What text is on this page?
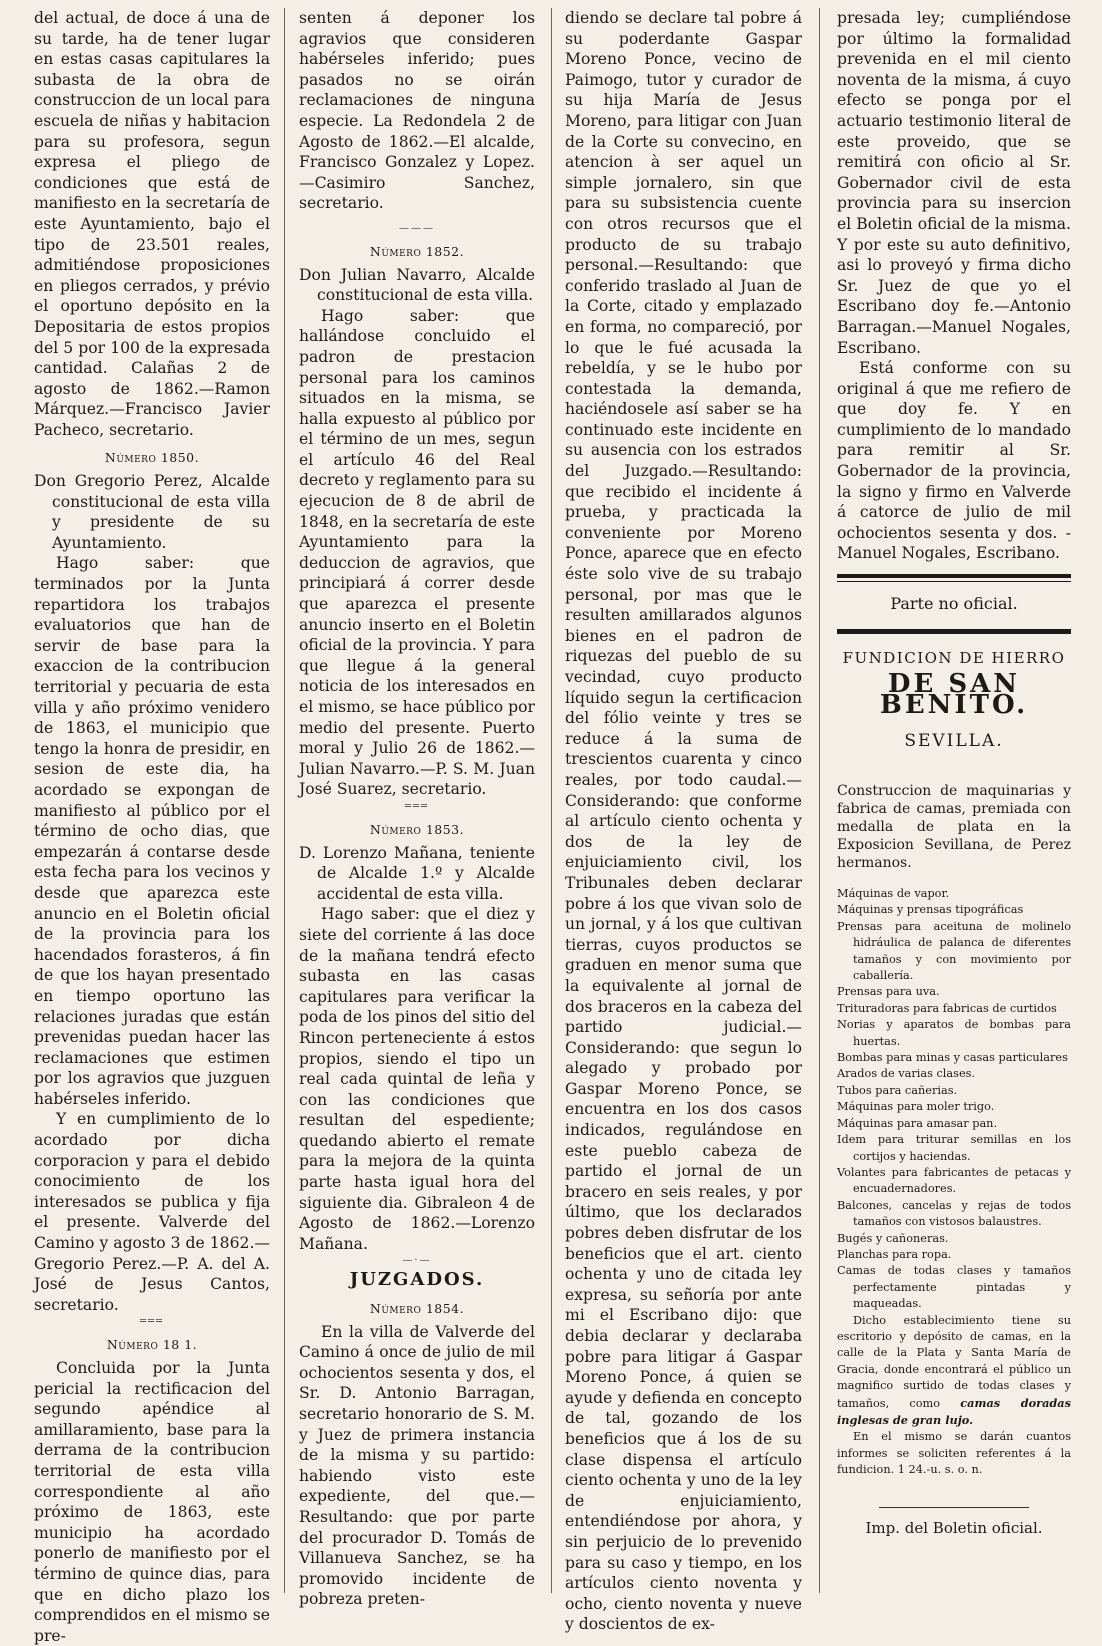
del actual, de doce á una de su tarde, ha de tener lugar en estas casas capitulares la subasta de la obra de construccion de un local para escuela de niñas y habitacion para su profesora, segun expresa el pliego de condiciones que está de manifiesto en la secretaría de este Ayuntamiento, bajo el tipo de 23.501 reales, admitiéndose proposiciones en pliegos cerrados, y prévio el oportuno depósito en la Depositaria de estos propios del 5 por 100 de la expresada cantidad. Calañas 2 de agosto de 1862.—Ramon Márquez.—Francisco Javier Pacheco, secretario.

Número 1850.

Don Gregorio Perez, Alcalde constitucional de esta villa y presidente de su Ayuntamiento.

Hago saber: que terminados por la Junta repartidora los trabajos evaluatorios que han de servir de base para la exaccion de la contribucion territorial y pecuaria de esta villa y año próximo venidero de 1863, el municipio que tengo la honra de presidir, en sesion de este dia, ha acordado se expongan de manifiesto al público por el término de ocho dias, que empezarán á contarse desde esta fecha para los vecinos y desde que aparezca este anuncio en el Boletin oficial de la provincia para los hacendados forasteros, á fin de que los hayan presentado en tiempo oportuno las relaciones juradas que están prevenidas puedan hacer las reclamaciones que estimen por los agravios que juzguen habérseles inferido.

Y en cumplimiento de lo acordado por dicha corporacion y para el debido conocimiento de los interesados se publica y fija el presente. Valverde del Camino y agosto 3 de 1862.—Gregorio Perez.—P. A. del A. José de Jesus Cantos, secretario.

═══
Número 18 1.

Concluida por la Junta pericial la rectificacion del segundo apéndice al amillaramiento, base para la derrama de la contribucion territorial de esta villa correspondiente al año próximo de 1863, este municipio ha acordado ponerlo de manifiesto por el término de quince dias, para que en dicho plazo los comprendidos en el mismo se pre-

senten á deponer los agravios que consideren habérseles inferido; pues pasados no se oirán reclamaciones de ninguna especie. La Redondela 2 de Agosto de 1862.—El alcalde, Francisco Gonzalez y Lopez.—Casimiro Sanchez, secretario.

———
Número 1852.

Don Julian Navarro, Alcalde constitucional de esta villa.

Hago saber: que hallándose concluido el padron de prestacion personal para los caminos situados en la misma, se halla expuesto al público por el término de un mes, segun el artículo 46 del Real decreto y reglamento para su ejecucion de 8 de abril de 1848, en la secretaría de este Ayuntamiento para la deduccion de agravios, que principiará á correr desde que aparezca el presente anuncio inserto en el Boletin oficial de la provincia. Y para que llegue á la general noticia de los interesados en el mismo, se hace público por medio del presente. Puerto moral y Julio 26 de 1862.—Julian Navarro.—P. S. M. Juan José Suarez, secretario.

═══
Número 1853.

D. Lorenzo Mañana, teniente de Alcalde 1.º y Alcalde accidental de esta villa.

Hago saber: que el diez y siete del corriente á las doce de la mañana tendrá efecto subasta en las casas capitulares para verificar la poda de los pinos del sitio del Rincon perteneciente á estos propios, siendo el tipo un real cada quintal de leña y con las condiciones que resultan del espediente; quedando abierto el remate para la mejora de la quinta parte hasta igual hora del siguiente dia. Gibraleon 4 de Agosto de 1862.—Lorenzo Mañana.

—·—
JUZGADOS.
Número 1854.

En la villa de Valverde del Camino á once de julio de mil ochocientos sesenta y dos, el Sr. D. Antonio Barragan, secretario honorario de S. M. y Juez de primera instancia de la misma y su partido: habiendo visto este expediente, del que.—Resultando: que por parte del procurador D. Tomás de Villanueva Sanchez, se ha promovido incidente de pobreza preten-

diendo se declare tal pobre á su poderdante Gaspar Moreno Ponce, vecino de Paimogo, tutor y curador de su hija María de Jesus Moreno, para litigar con Juan de la Corte su convecino, en atencion à ser aquel un simple jornalero, sin que para su subsistencia cuente con otros recursos que el producto de su trabajo personal.—Resultando: que conferido traslado al Juan de la Corte, citado y emplazado en forma, no compareció, por lo que le fué acusada la rebeldía, y se le hubo por contestada la demanda, haciéndosele así saber se ha continuado este incidente en su ausencia con los estrados del Juzgado.—Resultando: que recibido el incidente á prueba, y practicada la conveniente por Moreno Ponce, aparece que en efecto éste solo vive de su trabajo personal, por mas que le resulten amillarados algunos bienes en el padron de riquezas del pueblo de su vecindad, cuyo producto líquido segun la certificacion del fólio veinte y tres se reduce á la suma de trescientos cuarenta y cinco reales, por todo caudal.—Considerando: que conforme al artículo ciento ochenta y dos de la ley de enjuiciamiento civil, los Tribunales deben declarar pobre á los que vivan solo de un jornal, y á los que cultivan tierras, cuyos productos se graduen en menor suma que la equivalente al jornal de dos braceros en la cabeza del partido judicial.—Considerando: que segun lo alegado y probado por Gaspar Moreno Ponce, se encuentra en los dos casos indicados, regulándose en este pueblo cabeza de partido el jornal de un bracero en seis reales, y por último, que los declarados pobres deben disfrutar de los beneficios que el art. ciento ochenta y uno de citada ley expresa, su señoría por ante mi el Escribano dijo: que debia declarar y declaraba pobre para litigar á Gaspar Moreno Ponce, á quien se ayude y defienda en concepto de tal, gozando de los beneficios que á los de su clase dispensa el artículo ciento ochenta y uno de la ley de enjuiciamiento, entendiéndose por ahora, y sin perjuicio de lo prevenido para su caso y tiempo, en los artículos ciento noventa y ocho, ciento noventa y nueve y doscientos de ex-

presada ley; cumpliéndose por último la formalidad prevenida en el mil ciento noventa de la misma, á cuyo efecto se ponga por el actuario testimonio literal de este proveido, que se remitirá con oficio al Sr. Gobernador civil de esta provincia para su insercion el Boletin oficial de la misma. Y por este su auto definitivo, asi lo proveyó y firma dicho Sr. Juez de que yo el Escribano doy fe.—Antonio Barragan.—Manuel Nogales, Escribano.

Está conforme con su original á que me refiero de que doy fe. Y en cumplimiento de lo mandado para remitir al Sr. Gobernador de la provincia, la signo y firmo en Valverde á catorce de julio de mil ochocientos sesenta y dos. -Manuel Nogales, Escribano.

Parte no oficial.
FUNDICION DE HIERRO
DE SAN BENITO.
SEVILLA.
Construccion de maquinarias y fabrica de camas, premiada con medalla de plata en la Exposicion Sevillana, de Perez hermanos.

Máquinas de vapor.

Máquinas y prensas tipográficas

Prensas para aceituna de molinelo hidráulica de palanca de diferentes tamaños y con movimiento por caballería.

Prensas para uva.

Trituradoras para fabricas de curtidos

Norias y aparatos de bombas para huertas.

Bombas para minas y casas particulares

Arados de varias clases.

Tubos para cañerias.

Máquinas para moler trigo.

Máquinas para amasar pan.

Idem para triturar semillas en los cortijos y haciendas.

Volantes para fabricantes de petacas y encuadernadores.

Balcones, cancelas y rejas de todos tamaños con vistosos balaustres.

Bugés y cañoneras.

Planchas para ropa.

Camas de todas clases y tamaños perfectamente pintadas y maqueadas.

Dicho establecimiento tiene su escritorio y depósito de camas, en la calle de la Plata y Santa María de Gracia, donde encontrará el público un magnifico surtido de todas clases y tamaños, como camas doradas inglesas de gran lujo.

En el mismo se darán cuantos informes se soliciten referentes á la fundicion. 1 24.-u. s. o. n.

Imp. del Boletin oficial.
